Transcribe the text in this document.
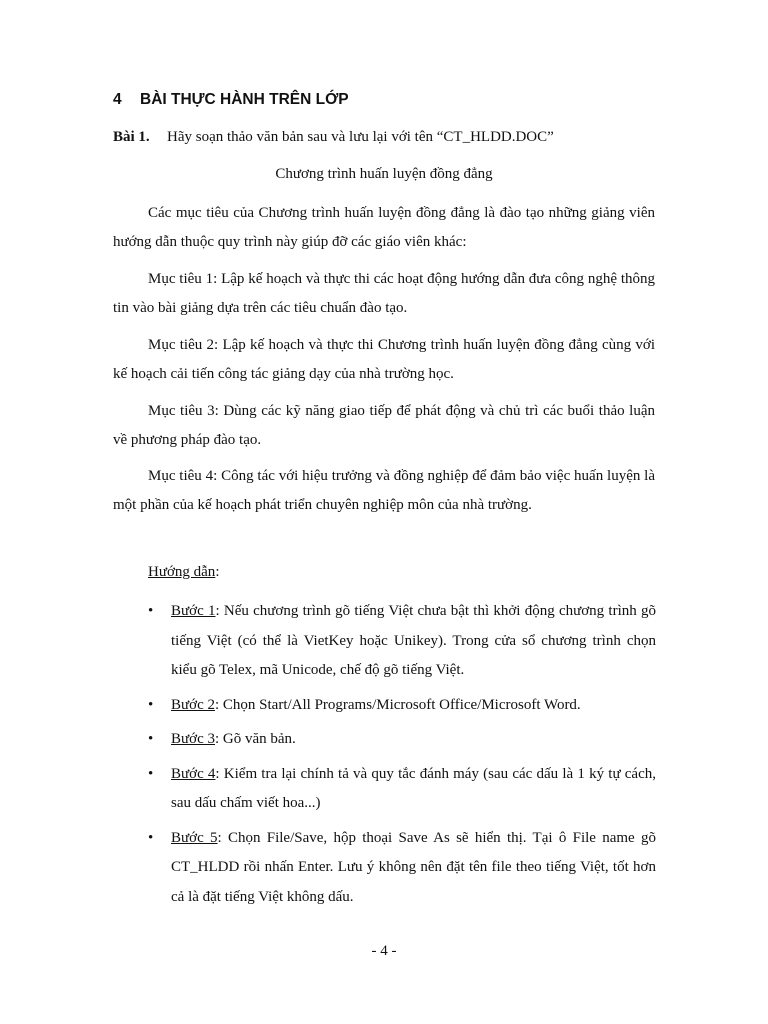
4 BÀI THỰC HÀNH TRÊN LỚP
Bài 1. Hãy soạn thảo văn bản sau và lưu lại với tên “CT_HLDD.DOC”
Chương trình huấn luyện đồng đẳng
Các mục tiêu của Chương trình huấn luyện đồng đẳng là đào tạo những giảng viên hướng dẫn thuộc quy trình này giúp đỡ các giáo viên khác:
Mục tiêu 1: Lập kế hoạch và thực thi các hoạt động hướng dẫn đưa công nghệ thông tin vào bài giảng dựa trên các tiêu chuẩn đào tạo.
Mục tiêu 2: Lập kế hoạch và thực thi Chương trình huấn luyện đồng đẳng cùng với kế hoạch cải tiến công tác giảng dạy của nhà trường học.
Mục tiêu 3: Dùng các kỹ năng giao tiếp để phát động và chủ trì các buổi thảo luận về phương pháp đào tạo.
Mục tiêu 4: Công tác với hiệu trưởng và đồng nghiệp để đảm bảo việc huấn luyện là một phần của kế hoạch phát triển chuyên nghiệp môn của nhà trường.
Hướng dẫn:
• Bước 1: Nếu chương trình gõ tiếng Việt chưa bật thì khởi động chương trình gõ tiếng Việt (có thể là VietKey hoặc Unikey). Trong cửa sổ chương trình chọn kiểu gõ Telex, mã Unicode, chế độ gõ tiếng Việt.
• Bước 2: Chọn Start/All Programs/Microsoft Office/Microsoft Word.
• Bước 3: Gõ văn bản.
• Bước 4: Kiểm tra lại chính tả và quy tắc đánh máy (sau các dấu là 1 ký tự cách, sau dấu chấm viết hoa...)
• Bước 5: Chọn File/Save, hộp thoại Save As sẽ hiển thị. Tại ô File name gõ CT_HLDD rồi nhấn Enter. Lưu ý không nên đặt tên file theo tiếng Việt, tốt hơn cả là đặt tiếng Việt không dấu.
- 4 -
